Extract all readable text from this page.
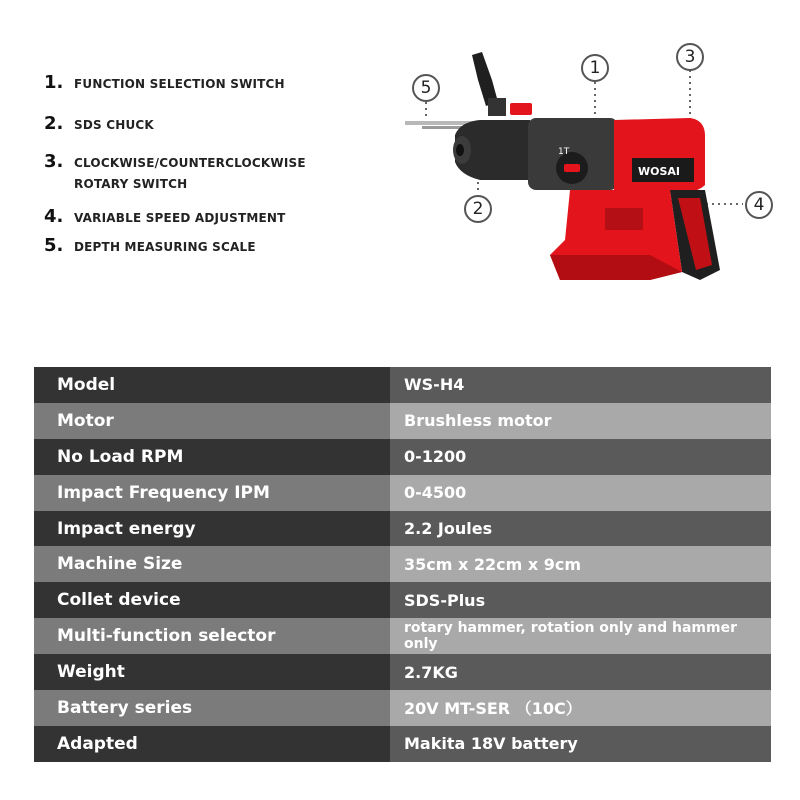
1. FUNCTION SELECTION SWITCH
2. SDS CHUCK
3. CLOCKWISE/COUNTERCLOCKWISE
ROTARY SWITCH
4. VARIABLE SPEED ADJUSTMENT
5. DEPTH MEASURING SCALE
1T
WOSAI
1
2
3
4
5
Model	WS-H4
Motor	Brushless motor
No Load RPM	0-1200
Impact Frequency IPM	0-4500
Impact energy	2.2 Joules
Machine Size	35cm x 22cm x 9cm
Collet device	SDS-Plus
Multi-function selector	rotary hammer, rotation only and hammer only
Weight	2.7KG
Battery series	20V MT-SER （10C）
Adapted	Makita 18V battery
